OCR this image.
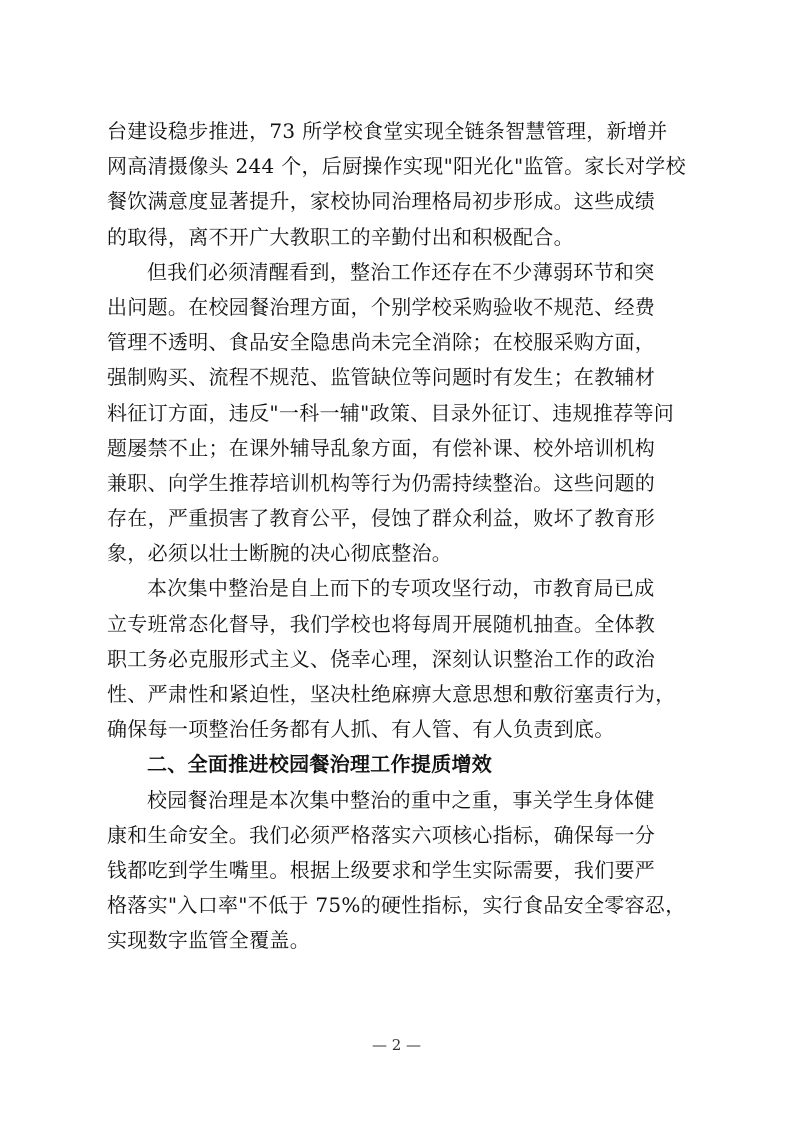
台建设稳步推进，73 所学校食堂实现全链条智慧管理，新增并
网高清摄像头 244 个，后厨操作实现"阳光化"监管。家长对学校
餐饮满意度显著提升，家校协同治理格局初步形成。这些成绩
的取得，离不开广大教职工的辛勤付出和积极配合。
但我们必须清醒看到，整治工作还存在不少薄弱环节和突
出问题。在校园餐治理方面，个别学校采购验收不规范、经费
管理不透明、食品安全隐患尚未完全消除；在校服采购方面，
强制购买、流程不规范、监管缺位等问题时有发生；在教辅材
料征订方面，违反"一科一辅"政策、目录外征订、违规推荐等问
题屡禁不止；在课外辅导乱象方面，有偿补课、校外培训机构
兼职、向学生推荐培训机构等行为仍需持续整治。这些问题的
存在，严重损害了教育公平，侵蚀了群众利益，败坏了教育形
象，必须以壮士断腕的决心彻底整治。
本次集中整治是自上而下的专项攻坚行动，市教育局已成
立专班常态化督导，我们学校也将每周开展随机抽查。全体教
职工务必克服形式主义、侥幸心理，深刻认识整治工作的政治
性、严肃性和紧迫性，坚决杜绝麻痹大意思想和敷衍塞责行为，
确保每一项整治任务都有人抓、有人管、有人负责到底。
二、全面推进校园餐治理工作提质增效
校园餐治理是本次集中整治的重中之重，事关学生身体健
康和生命安全。我们必须严格落实六项核心指标，确保每一分
钱都吃到学生嘴里。根据上级要求和学生实际需要，我们要严
格落实"入口率"不低于 75%的硬性指标，实行食品安全零容忍，
实现数字监管全覆盖。
— 2 —
